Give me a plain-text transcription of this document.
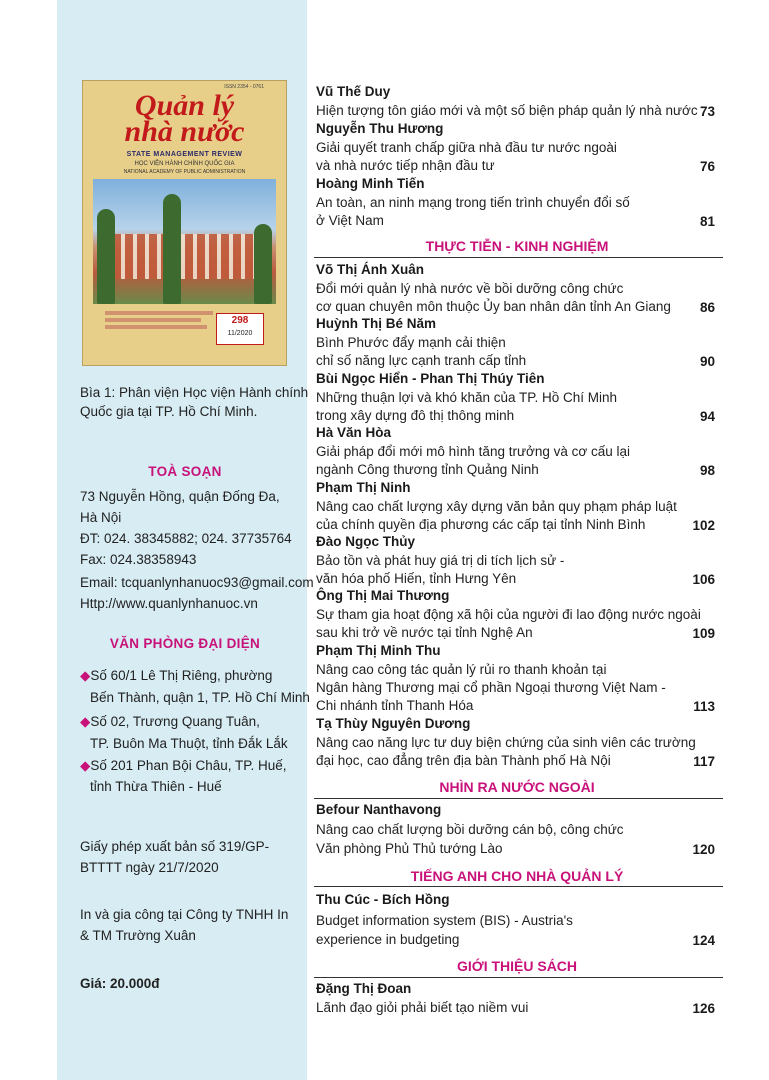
ISSN 2354 - 0761
Quản lý
nhà nước
STATE MANAGEMENT REVIEW
HỌC VIỆN HÀNH CHÍNH QUỐC GIA
NATIONAL ACADEMY OF PUBLIC ADMINISTRATION
298
11/2020
Bìa 1: Phân viện Học viện Hành chính
Quốc gia tại TP. Hồ Chí Minh.
TOÀ SOẠN
73 Nguyễn Hồng, quận Đống Đa,
Hà Nội
ĐT: 024. 38345882; 024. 37735764
Fax: 024.38358943
Email: tcquanlynhanuoc93@gmail.com
Http://www.quanlynhanuoc.vn
VĂN PHÒNG ĐẠI DIỆN
◆Số 60/1 Lê Thị Riêng, phường
Bến Thành, quận 1, TP. Hồ Chí Minh
◆Số 02, Trương Quang Tuân,
TP. Buôn Ma Thuột, tỉnh Đắk Lắk
◆Số 201 Phan Bội Châu, TP. Huế,
tỉnh Thừa Thiên - Huế
Giấy phép xuất bản số 319/GP-
BTTTT ngày 21/7/2020
In và gia công tại Công ty TNHH In
& TM Trường Xuân
Giá: 20.000đ
Vũ Thế Duy
Hiện tượng tôn giáo mới và một số biện pháp quản lý nhà nước 73
Nguyễn Thu Hương
Giải quyết tranh chấp giữa nhà đầu tư nước ngoài
và nhà nước tiếp nhận đầu tư	76
Hoàng Minh Tiến
An toàn, an ninh mạng trong tiến trình chuyển đổi số
ở Việt Nam	81
THỰC TIỄN - KINH NGHIỆM
Võ Thị Ánh Xuân
Đổi mới quản lý nhà nước về bồi dưỡng công chức
cơ quan chuyên môn thuộc Ủy ban nhân dân tỉnh An Giang 86
Huỳnh Thị Bé Năm
Bình Phước đẩy mạnh cải thiện
chỉ số năng lực cạnh tranh cấp tỉnh	90
Bùi Ngọc Hiển - Phan Thị Thúy Tiên
Những thuận lợi và khó khăn của TP. Hồ Chí Minh
trong xây dựng đô thị thông minh	94
Hà Văn Hòa
Giải pháp đổi mới mô hình tăng trưởng và cơ cấu lại
ngành Công thương tỉnh Quảng Ninh	98
Phạm Thị Ninh
Nâng cao chất lượng xây dựng văn bản quy phạm pháp luật
của chính quyền địa phương các cấp tại tỉnh Ninh Bình	102
Đào Ngọc Thủy
Bảo tồn và phát huy giá trị di tích lịch sử -
văn hóa phố Hiến, tỉnh Hưng Yên	106
Ông Thị Mai Thương
Sự tham gia hoạt động xã hội của người đi lao động nước ngoài
sau khi trở về nước tại tỉnh Nghệ An	109
Phạm Thị Minh Thu
Nâng cao công tác quản lý rủi ro thanh khoản tại
Ngân hàng Thương mại cổ phần Ngoại thương Việt Nam -
Chi nhánh tỉnh Thanh Hóa	113
Tạ Thùy Nguyên Dương
Nâng cao năng lực tư duy biện chứng của sinh viên các trường
đại học, cao đẳng trên địa bàn Thành phố Hà Nội	117
NHÌN RA NƯỚC NGOÀI
Befour Nanthavong
Nâng cao chất lượng bồi dưỡng cán bộ, công chức
Văn phòng Phủ Thủ tướng Lào	120
TIẾNG ANH CHO NHÀ QUẢN LÝ
Thu Cúc - Bích Hồng
Budget information system (BIS) - Austria's
experience in budgeting	124
GIỚI THIỆU SÁCH
Đặng Thị Đoan
Lãnh đạo giỏi phải biết tạo niềm vui	126
